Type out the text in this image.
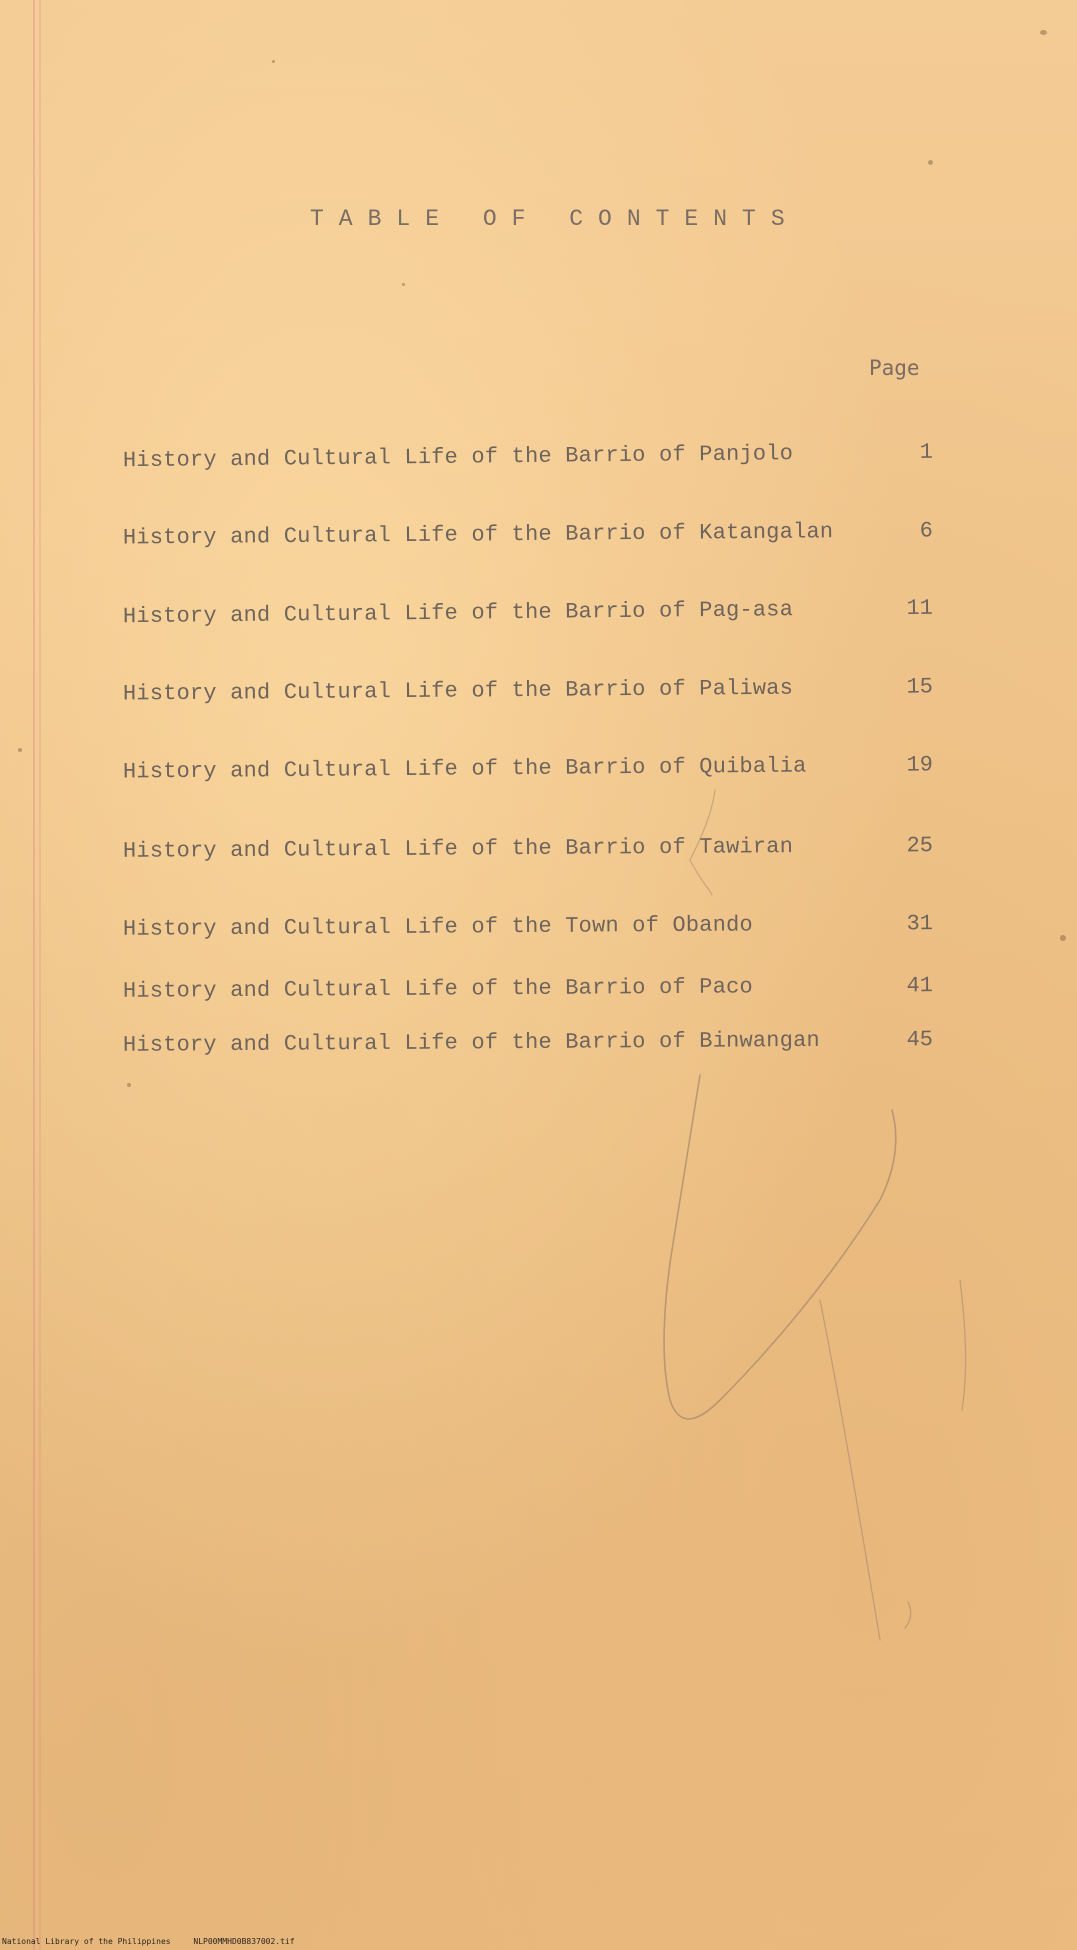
TABLE OF CONTENTS
Page
History and Cultural Life of the Barrio of Panjolo	1
History and Cultural Life of the Barrio of Katangalan	6
History and Cultural Life of the Barrio of Pag-asa	11
History and Cultural Life of the Barrio of Paliwas	15
History and Cultural Life of the Barrio of Quibalia	19
History and Cultural Life of the Barrio of Tawiran	25
History and Cultural Life of the Town of Obando	31
History and Cultural Life of the Barrio of Paco	41
History and Cultural Life of the Barrio of Binwangan	45
National Library of the Philippines	NLP00MMHD0B837002.tif
